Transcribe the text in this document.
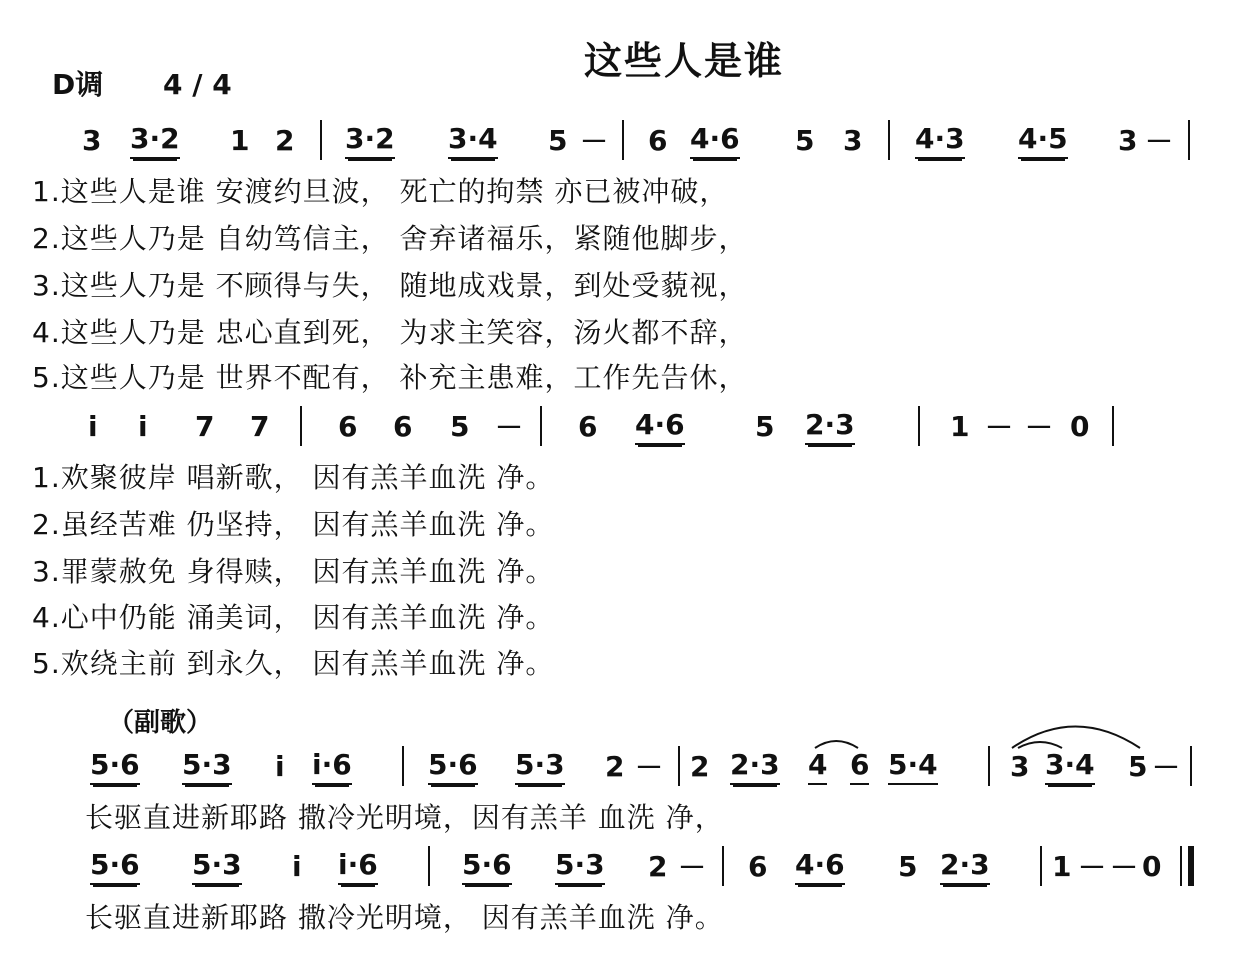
这些人是谁
D调 4 / 4
3 3·2 1 2 3·2 3·4 5 － 6 4·6 5 3 4·3 4·5 3 －
1.这些人是谁 安渡约旦波， 死亡的拘禁 亦已被冲破，
2.这些人乃是 自幼笃信主， 舍弃诸福乐，紧随他脚步，
3.这些人乃是 不顾得与失， 随地成戏景，到处受藐视，
4.这些人乃是 忠心直到死， 为求主笑容，汤火都不辞，
5.这些人乃是 世界不配有， 补充主患难，工作先告休，
i i 7 7 6 6 5 － 6 4·6	5 2·3	1 － － 0
1.欢聚彼岸 唱新歌， 因有羔羊血洗 净。
2.虽经苦难 仍坚持， 因有羔羊血洗 净。
3.罪蒙赦免 身得赎， 因有羔羊血洗 净。
4.心中仍能 涌美词， 因有羔羊血洗 净。
5.欢绕主前 到永久， 因有羔羊血洗 净。
（副歌）
5·6 5·3 i i·6	5·6 5·3 2 － 2 2·3 4 6 5·4	3 3·4 5 －
长驱直进新耶路 撒冷光明境，因有羔羊 血洗 净，
5·6 5·3 i i·6	5·6 5·3 2 － 6 4·6 5 2·3 1 － － 0
长驱直进新耶路 撒冷光明境， 因有羔羊血洗 净。
